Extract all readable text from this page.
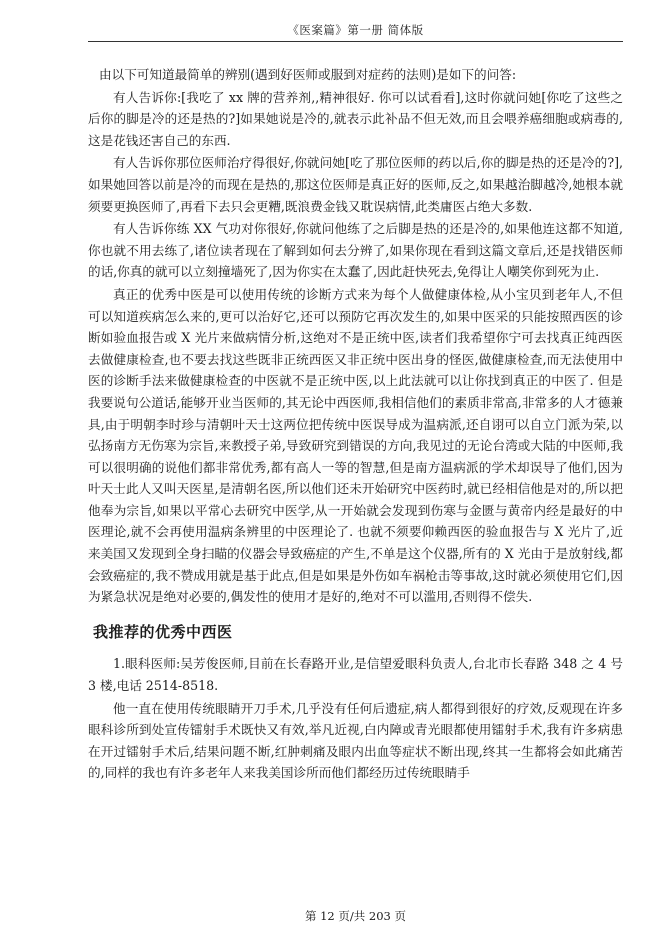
《医案篇》第一册 简体版

由以下可知道最简单的辨别(遇到好医师或服到对症药的法则)是如下的问答:

有人告诉你:[我吃了 xx 牌的营养剂,,精神很好. 你可以试看看],这时你就问她[你吃了这些之后你的脚是冷的还是热的?]如果她说是冷的,就表示此补品不但无效,而且会喂养癌细胞或病毒的,这是花钱还害自己的东西.

有人告诉你那位医师治疗得很好,你就问她[吃了那位医师的药以后,你的脚是热的还是冷的?],如果她回答以前是冷的而现在是热的,那这位医师是真正好的医师,反之,如果越治脚越冷,她根本就须要更换医师了,再看下去只会更糟,既浪费金钱又耽误病情,此类庸医占绝大多数.

有人告诉你练 XX 气功对你很好,你就问他练了之后脚是热的还是冷的,如果他连这都不知道,你也就不用去练了,诸位读者现在了解到如何去分辨了,如果你现在看到这篇文章后,还是找错医师的话,你真的就可以立刻撞墙死了,因为你实在太蠢了,因此赶快死去,免得让人嘲笑你到死为止.

真正的优秀中医是可以使用传统的诊断方式来为每个人做健康体检,从小宝贝到老年人,不但可以知道疾病怎么来的,更可以治好它,还可以预防它再次发生的,如果中医采的只能按照西医的诊断如验血报告或 X 光片来做病情分析,这绝对不是正统中医,读者们我希望你宁可去找真正纯西医去做健康检查,也不要去找这些既非正统西医又非正统中医出身的怪医,做健康检查,而无法使用中医的诊断手法来做健康检查的中医就不是正统中医,以上此法就可以让你找到真正的中医了. 但是我要说句公道话,能够开业当医师的,其无论中西医师,我相信他们的素质非常高,非常多的人才德兼具,由于明朝李时珍与清朝叶天士这两位把传统中医误导成为温病派,还自诩可以自立门派为荣,以弘扬南方无伤寒为宗旨,来教授子弟,导致研究到错误的方向,我见过的无论台湾或大陆的中医师,我可以很明确的说他们都非常优秀,都有高人一等的智慧,但是南方温病派的学术却误导了他们,因为叶天士此人又叫天医星,是清朝名医,所以他们还未开始研究中医药时,就已经相信他是对的,所以把他奉为宗旨,如果以平常心去研究中医学,从一开始就会发现到伤寒与金匮与黄帝内经是最好的中医理论,就不会再使用温病条辨里的中医理论了. 也就不须要仰赖西医的验血报告与 X 光片了,近来美国又发现到全身扫瞄的仪器会导致癌症的产生,不单是这个仪器,所有的 X 光由于是放射线,都会致癌症的,我不赞成用就是基于此点,但是如果是外伤如车祸枪击等事故,这时就必须使用它们,因为紧急状况是绝对必要的,偶发性的使用才是好的,绝对不可以滥用,否则得不偿失.

我推荐的优秀中西医

1.眼科医师:吴芳俊医师,目前在长春路开业,是信望爱眼科负责人,台北市长春路 348 之 4 号 3 楼,电话 2514-8518.

他一直在使用传统眼睛开刀手术,几乎没有任何后遗症,病人都得到很好的疗效,反观现在许多眼科诊所到处宣传镭射手术既快又有效,举凡近视,白内障或青光眼都使用镭射手术,我有许多病患在开过镭射手术后,结果问题不断,红肿刺痛及眼内出血等症状不断出现,终其一生都将会如此痛苦的,同样的我也有许多老年人来我美国诊所而他们都经历过传统眼睛手

第 12 页/共 203 页
